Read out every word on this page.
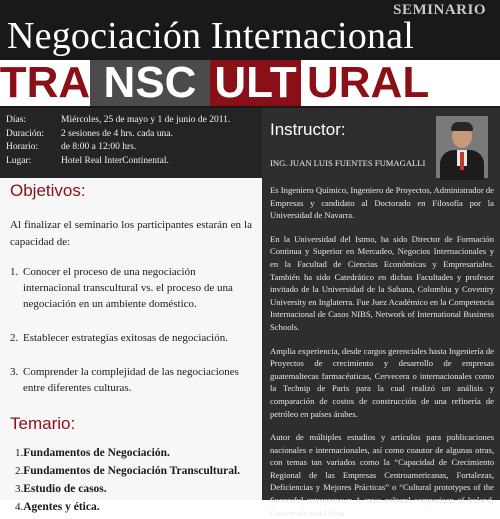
SEMINARIO
Negociación Internacional
TRA NSC ULT URAL
Días:	Miércoles, 25 de mayo y 1 de junio de 2011.
Duración:	2 sesiones de 4 hrs. cada una.
Horario:	de 8:00 a 12:00 hrs.
Lugar:	Hotel Real InterContinental.
Objetivos:

Al finalizar el seminario los participantes estarán en la capacidad de:

1. Conocer el proceso de una negociación internacional transcultural vs. el proceso de una negociación en un ambiente doméstico.
2. Establecer estrategias exitosas de negociación.
3. Comprender la complejidad de las negociaciones entre diferentes culturas.
Temario:
1.Fundamentos de Negociación.
2.Fundamentos de Negociación Transcultural.
3.Estudio de casos.
4.Agentes y ética.
Instructor:
ING. JUAN LUIS FUENTES FUMAGALLI

Es Ingeniero Químico, Ingeniero de Proyectos, Administrador de Empresas y candidato al Doctorado en Filosofía por la Universidad de Navarra.

En la Universidad del Istmo, ha sido Director de Formación Continua y Superior en Mercadeo, Negocios Internacionales y en la Facultad de Ciencias Económicas y Empresariales. También ha sido Catedrático en dichas Facultades y profesor invitado de la Universidad de la Sabana, Colombia y Coventry University en Inglaterra. Fue Juez Académico en la Competencia Internacional de Casos NIBS, Network of International Business Schools.

Amplia experiencia, desde cargos gerenciales hasta Ingeniería de Proyectos de crecimiento y desarrollo de empresas guatemaltecas farmacéuticas, Cervecera o internacionales como la Technip de Paris para la cual realizó un análisis y comparación de costos de construcción de una refinería de petróleo en países árabes.

Autor de múltiples estudios y artículos para publicaciones nacionales e internacionales, así como coautor de algunas otras, con temas tan variados como la “Capacidad de Crecimiento Regional de las Empresas Centroamericanas, Fortalezas, Deficiencias y Mejores Prácticas” o “Cultural prototypes of the Succesful entrepreneur: A cross cultural comparison of Ireland, Guatemala and China.
